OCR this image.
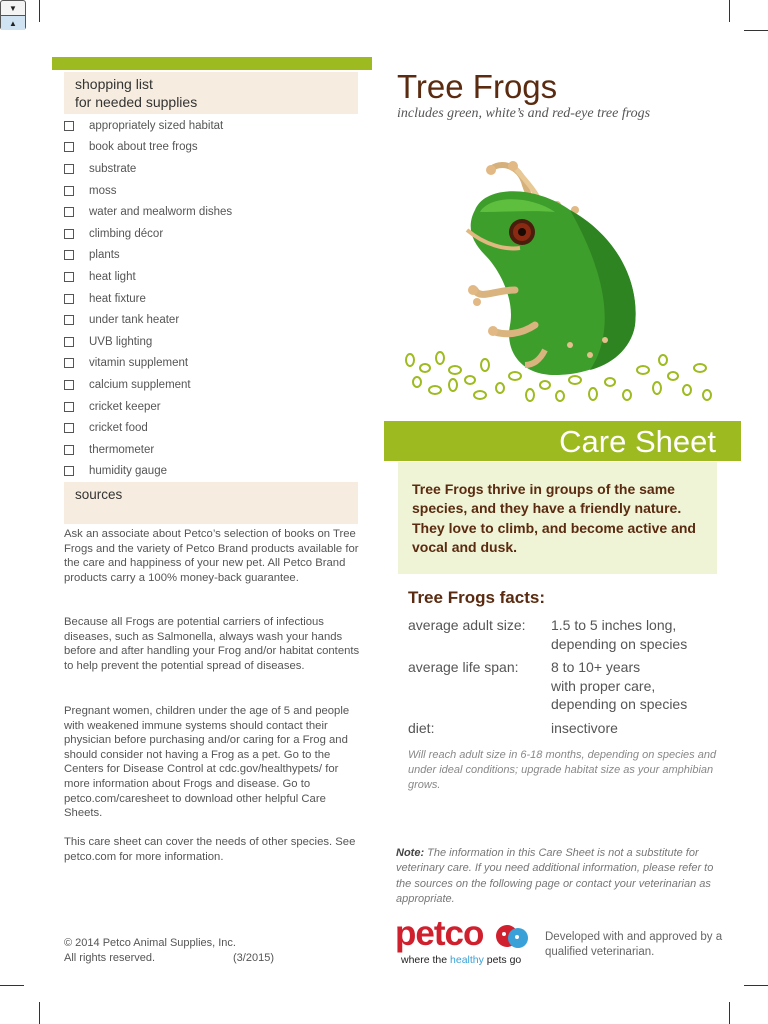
▼
▲
shopping list
for needed supplies
appropriately sized habitat
book about tree frogs
substrate
moss
water and mealworm dishes
climbing décor
plants
heat light
heat fixture
under tank heater
UVB lighting
vitamin supplement
calcium supplement
cricket keeper
cricket food
thermometer
humidity gauge
sources
Ask an associate about Petco’s selection of books on Tree Frogs and the variety of Petco Brand products available for the care and happiness of your new pet. All Petco Brand products carry a 100% money-back guarantee.
Because all Frogs are potential carriers of infectious diseases, such as Salmonella, always wash your hands before and after handling your Frog and/or habitat contents to help prevent the potential spread of diseases.
Pregnant women, children under the age of 5 and people with weakened immune systems should contact their physician before purchasing and/or caring for a Frog and should consider not having a Frog as a pet. Go to the Centers for Disease Control at cdc.gov/healthypets/ for more information about Frogs and disease. Go to petco.com/caresheet to download other helpful Care Sheets.
This care sheet can cover the needs of other species. See petco.com for more information.
© 2014 Petco Animal Supplies, Inc.
All rights reserved.	(3/2015)
Tree Frogs
includes green, white’s and red-eye tree frogs
Care Sheet
Tree Frogs thrive in groups of the same species, and they have a friendly nature. They love to climb, and become active and vocal and dusk.
Tree Frogs facts:
average adult size:	1.5 to 5 inches long,
depending on species
average life span:	8 to 10+ years
with proper care,
depending on species
diet:	insectivore
Will reach adult size in 6-18 months, depending on species and under ideal conditions; upgrade habitat size as your amphibian grows.
Note: The information in this Care Sheet is not a substitute for veterinary care. If you need additional information, please refer to the sources on the following page or contact your veterinarian as appropriate.
petco
where the healthy pets go
Developed with and approved by a qualified veterinarian.
